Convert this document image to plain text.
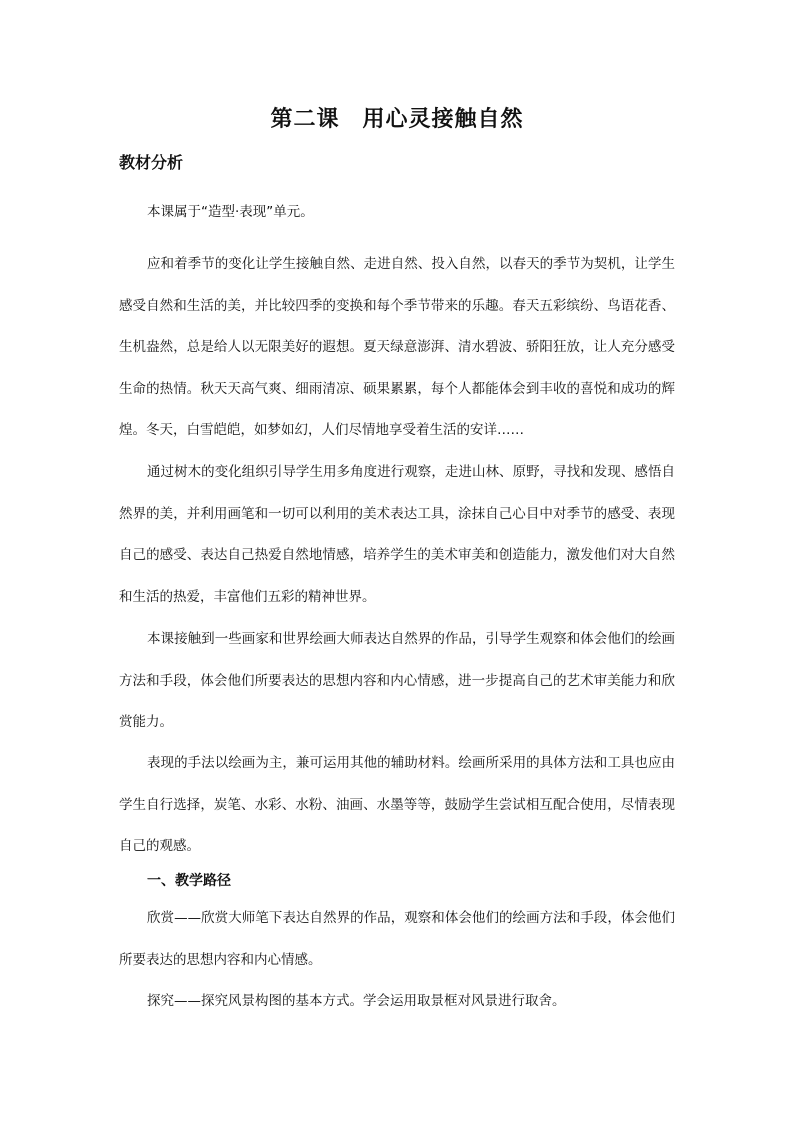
第二课　用心灵接触自然
教材分析

本课属于“造型·表现”单元。

应和着季节的变化让学生接触自然、走进自然、投入自然，以春天的季节为契机，让学生感受自然和生活的美，并比较四季的变换和每个季节带来的乐趣。春天五彩缤纷、鸟语花香、生机盎然，总是给人以无限美好的遐想。夏天绿意澎湃、清水碧波、骄阳狂放，让人充分感受生命的热情。秋天天高气爽、细雨清凉、硕果累累，每个人都能体会到丰收的喜悦和成功的辉煌。冬天，白雪皑皑，如梦如幻，人们尽情地享受着生活的安详……

通过树木的变化组织引导学生用多角度进行观察，走进山林、原野，寻找和发现、感悟自然界的美，并利用画笔和一切可以利用的美术表达工具，涂抹自己心目中对季节的感受、表现自己的感受、表达自己热爱自然地情感，培养学生的美术审美和创造能力，激发他们对大自然和生活的热爱，丰富他们五彩的精神世界。

本课接触到一些画家和世界绘画大师表达自然界的作品，引导学生观察和体会他们的绘画方法和手段，体会他们所要表达的思想内容和内心情感，进一步提高自己的艺术审美能力和欣赏能力。

表现的手法以绘画为主，兼可运用其他的辅助材料。绘画所采用的具体方法和工具也应由学生自行选择，炭笔、水彩、水粉、油画、水墨等等，鼓励学生尝试相互配合使用，尽情表现自己的观感。

一、教学路径

欣赏——欣赏大师笔下表达自然界的作品，观察和体会他们的绘画方法和手段，体会他们所要表达的思想内容和内心情感。

探究——探究风景构图的基本方式。学会运用取景框对风景进行取舍。
